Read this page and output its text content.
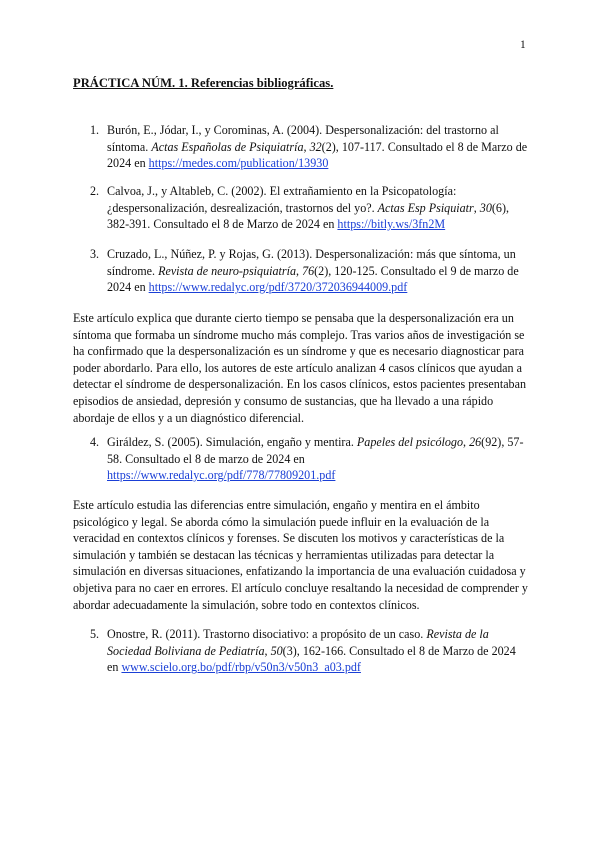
1
PRÁCTICA NÚM. 1. Referencias bibliográficas.
1. Burón, E., Jódar, I., y Corominas, A. (2004). Despersonalización: del trastorno al síntoma. Actas Españolas de Psiquiatría, 32(2), 107-117. Consultado el 8 de Marzo de 2024 en https://medes.com/publication/13930
2. Calvoa, J., y Altableb, C. (2002). El extrañamiento en la Psicopatología: ¿despersonalización, desrealización, trastornos del yo?. Actas Esp Psiquiatr, 30(6), 382-391. Consultado el 8 de Marzo de 2024 en https://bitly.ws/3fn2M
3. Cruzado, L., Núñez, P. y Rojas, G. (2013). Despersonalización: más que síntoma, un síndrome. Revista de neuro-psiquiatría, 76(2), 120-125. Consultado el 9 de marzo de 2024 en https://www.redalyc.org/pdf/3720/372036944009.pdf
Este artículo explica que durante cierto tiempo se pensaba que la despersonalización era un síntoma que formaba un síndrome mucho más complejo. Tras varios años de investigación se ha confirmado que la despersonalización es un síndrome y que es necesario diagnosticar para poder abordarlo. Para ello, los autores de este artículo analizan 4 casos clínicos que ayudan a detectar el síndrome de despersonalización. En los casos clínicos, estos pacientes presentaban episodios de ansiedad, depresión y consumo de sustancias, que ha llevado a una rápido abordaje de ellos y a un diagnóstico diferencial.
4. Giráldez, S. (2005). Simulación, engaño y mentira. Papeles del psicólogo, 26(92), 57-58. Consultado el 8 de marzo de 2024 en https://www.redalyc.org/pdf/778/77809201.pdf
Este artículo estudia las diferencias entre simulación, engaño y mentira en el ámbito psicológico y legal. Se aborda cómo la simulación puede influir en la evaluación de la veracidad en contextos clínicos y forenses. Se discuten los motivos y características de la simulación y también se destacan las técnicas y herramientas utilizadas para detectar la simulación en diversas situaciones, enfatizando la importancia de una evaluación cuidadosa y objetiva para no caer en errores. El artículo concluye resaltando la necesidad de comprender y abordar adecuadamente la simulación, sobre todo en contextos clínicos.
5. Onostre, R. (2011). Trastorno disociativo: a propósito de un caso. Revista de la Sociedad Boliviana de Pediatría, 50(3), 162-166. Consultado el 8 de Marzo de 2024 en www.scielo.org.bo/pdf/rbp/v50n3/v50n3_a03.pdf
